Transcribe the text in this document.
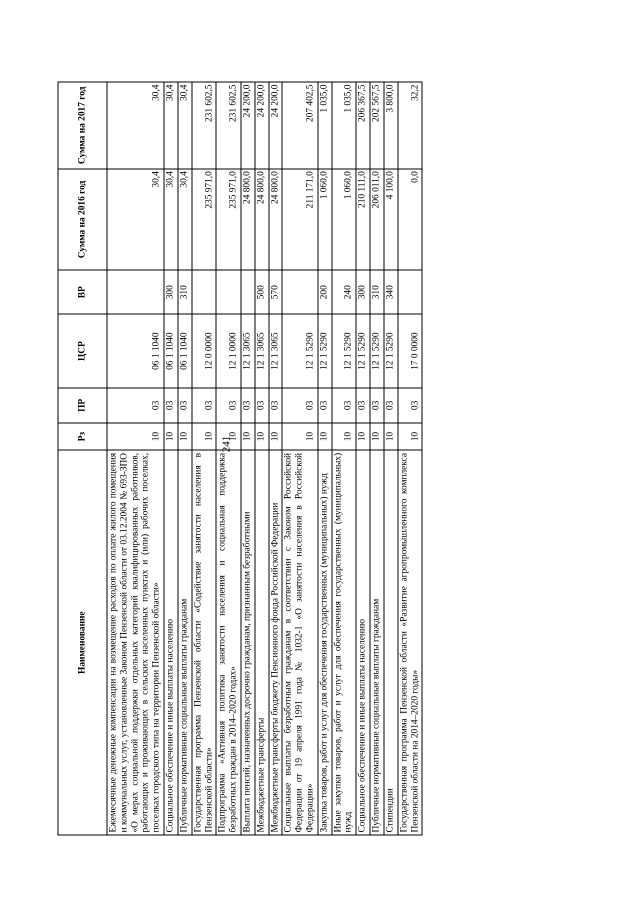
241
Наименование	Рз	ПР	ЦСР	ВР	Сумма на 2016 год	Сумма на 2017 год
Ежемесячные денежные компенсации на возмещение расходов по оплате жилого помещения и коммунальных услуг, установленные Законом Пензенской области от 03.12.2004 № 693-ЗПО «О мерах социальной поддержки отдельных категорий квалифицированных работников, работающих и проживающих в сельских населенных пунктах и (или) рабочих поселках, поселках городского типа на территории Пензенской области»	10	03	06 1 1040		30,4	30,4
Социальное обеспечение и иные выплаты населению	10	03	06 1 1040	300	30,4	30,4
Публичные нормативные социальные выплаты гражданам	10	03	06 1 1040	310	30,4	30,4
Государственная программа Пензенской области «Содействие занятости населения в Пензенской области»	10	03	12 0 0000		235 971,0	231 602,5
Подпрограмма «Активная политика занятости населения и социальная поддержка безработных граждан в 2014–2020 годах»	10	03	12 1 0000		235 971,0	231 602,5
Выплата пенсий, назначенных досрочно гражданам, признанным безработными	10	03	12 1 3065		24 800,0	24 200,0
Межбюджетные трансферты	10	03	12 1 3065	500	24 800,0	24 200,0
Межбюджетные трансферты бюджету Пенсионного фонда Российской Федерации	10	03	12 1 3065	570	24 800,0	24 200,0
Социальные выплаты безработным гражданам в соответствии с Законом Российской Федерации от 19 апреля 1991 года № 1032-1 «О занятости населения в Российской Федерации»	10	03	12 1 5290		211 171,0	207 402,5
Закупка товаров, работ и услуг для обеспечения государственных (муниципальных) нужд	10	03	12 1 5290	200	1 060,0	1 035,0
Иные закупки товаров, работ и услуг для обеспечения государственных (муниципальных) нужд	10	03	12 1 5290	240	1 060,0	1 035,0
Социальное обеспечение и иные выплаты населению	10	03	12 1 5290	300	210 111,0	206 367,5
Публичные нормативные социальные выплаты гражданам	10	03	12 1 5290	310	206 011,0	202 567,5
Стипендии	10	03	12 1 5290	340	4 100,0	3 800,0
Государственная программа Пензенской области «Развитие агропромышленного комплекса Пензенской области на 2014–2020 годы»	10	03	17 0 0000		0,0	32,2
